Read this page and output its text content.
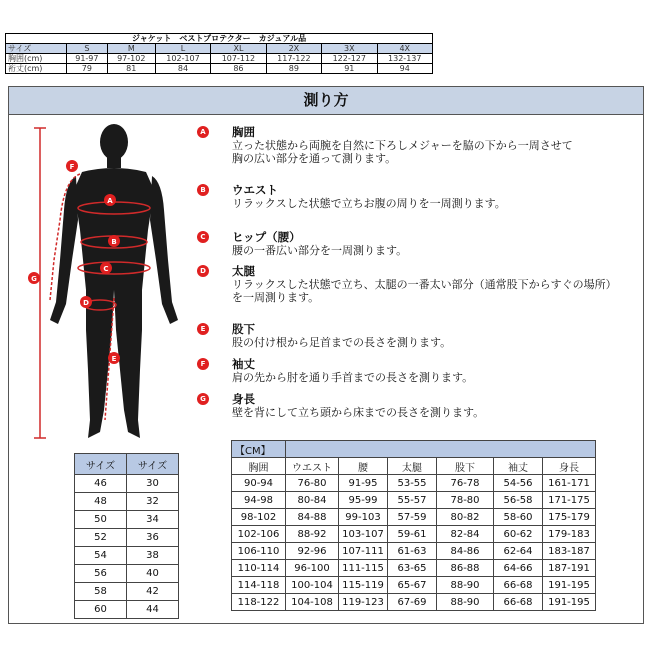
ジャケット　ベストプロテクター　カジュアル品							
サイズ	S	M	L	XL	2X	3X	4X
胸囲(cm)	91-97	97-102	102-107	107-112	117-122	122-127	132-137
裄丈(cm)	79	81	84	86	89	91	94
測り方
A
B
C
D
E
F
G
A 胸囲
立った状態から両腕を自然に下ろしメジャーを脇の下から一周させて
胸の広い部分を通って測ります。
B ウエスト
リラックスした状態で立ちお腹の周りを一周測ります。
C ヒップ（腰）
腰の一番広い部分を一周測ります。
D 太腿
リラックスした状態で立ち、太腿の一番太い部分（通常股下からすぐの場所）
を一周測ります。
E	股下
股の付け根から足首までの長さを測ります。
F	袖丈
肩の先から肘を通り手首までの長さを測ります。
G 身長
壁を背にして立ち頭から床までの長さを測ります。
サイズ	サイズ
46	30
48	32
50	34
52	36
54	38
56	40
58	42
60	44
【CM】						
胸囲	ウエスト	腰	太腿	股下	袖丈	身長
90-94	76-80	91-95	53-55	76-78	54-56	161-171
94-98	80-84	95-99	55-57	78-80	56-58	171-175
98-102	84-88	99-103	57-59	80-82	58-60	175-179
102-106	88-92	103-107	59-61	82-84	60-62	179-183
106-110	92-96	107-111	61-63	84-86	62-64	183-187
110-114	96-100	111-115	63-65	86-88	64-66	187-191
114-118	100-104	115-119	65-67	88-90	66-68	191-195
118-122	104-108	119-123	67-69	88-90	66-68	191-195
